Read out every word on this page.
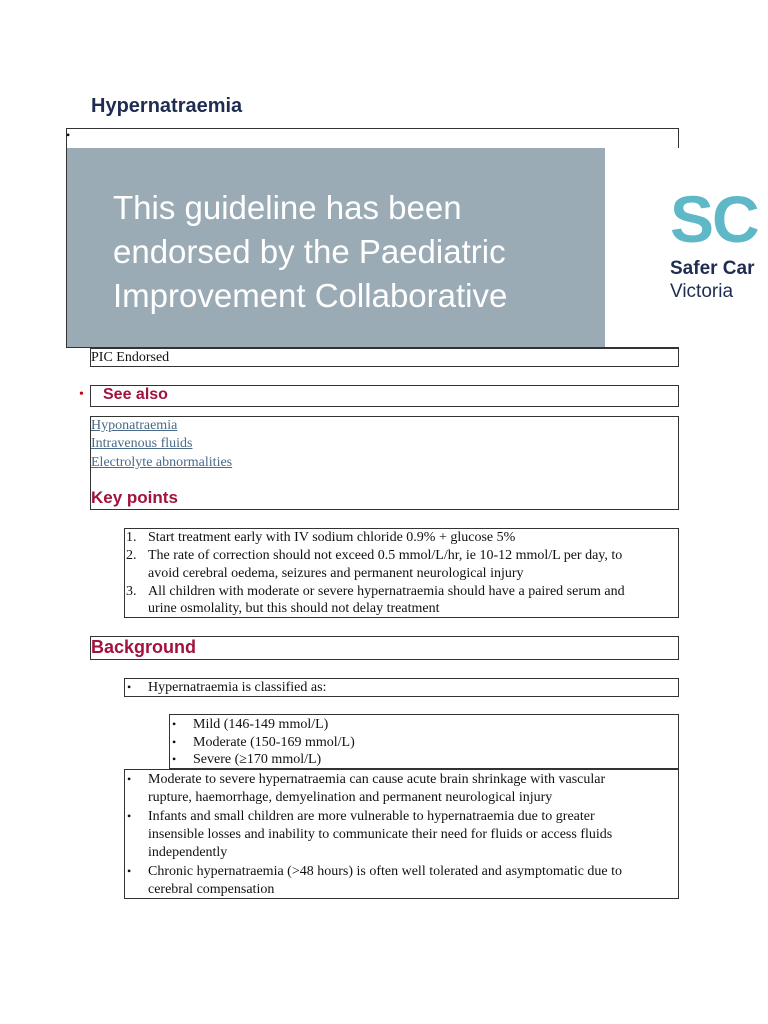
Hypernatraemia
•
This guideline has been
endorsed by the Paediatric
Improvement Collaborative
SC
Safer Car
Victoria
PIC Endorsed
• See also
Hyponatraemia
Intravenous fluids
Electrolyte abnormalities
Key points
1. Start treatment early with IV sodium chloride 0.9% + glucose 5%
2. The rate of correction should not exceed 0.5 mmol/L/hr, ie 10-12 mmol/L per day, to
avoid cerebral oedema, seizures and permanent neurological injury
3. All children with moderate or severe hypernatraemia should have a paired serum and
urine osmolality, but this should not delay treatment
Background
• Hypernatraemia is classified as:
• Mild (146-149 mmol/L)
• Moderate (150-169 mmol/L)
• Severe (≥170 mmol/L)
• Moderate to severe hypernatraemia can cause acute brain shrinkage with vascular
rupture, haemorrhage, demyelination and permanent neurological injury
• Infants and small children are more vulnerable to hypernatraemia due to greater
insensible losses and inability to communicate their need for fluids or access fluids
independently
• Chronic hypernatraemia (>48 hours) is often well tolerated and asymptomatic due to
cerebral compensation
